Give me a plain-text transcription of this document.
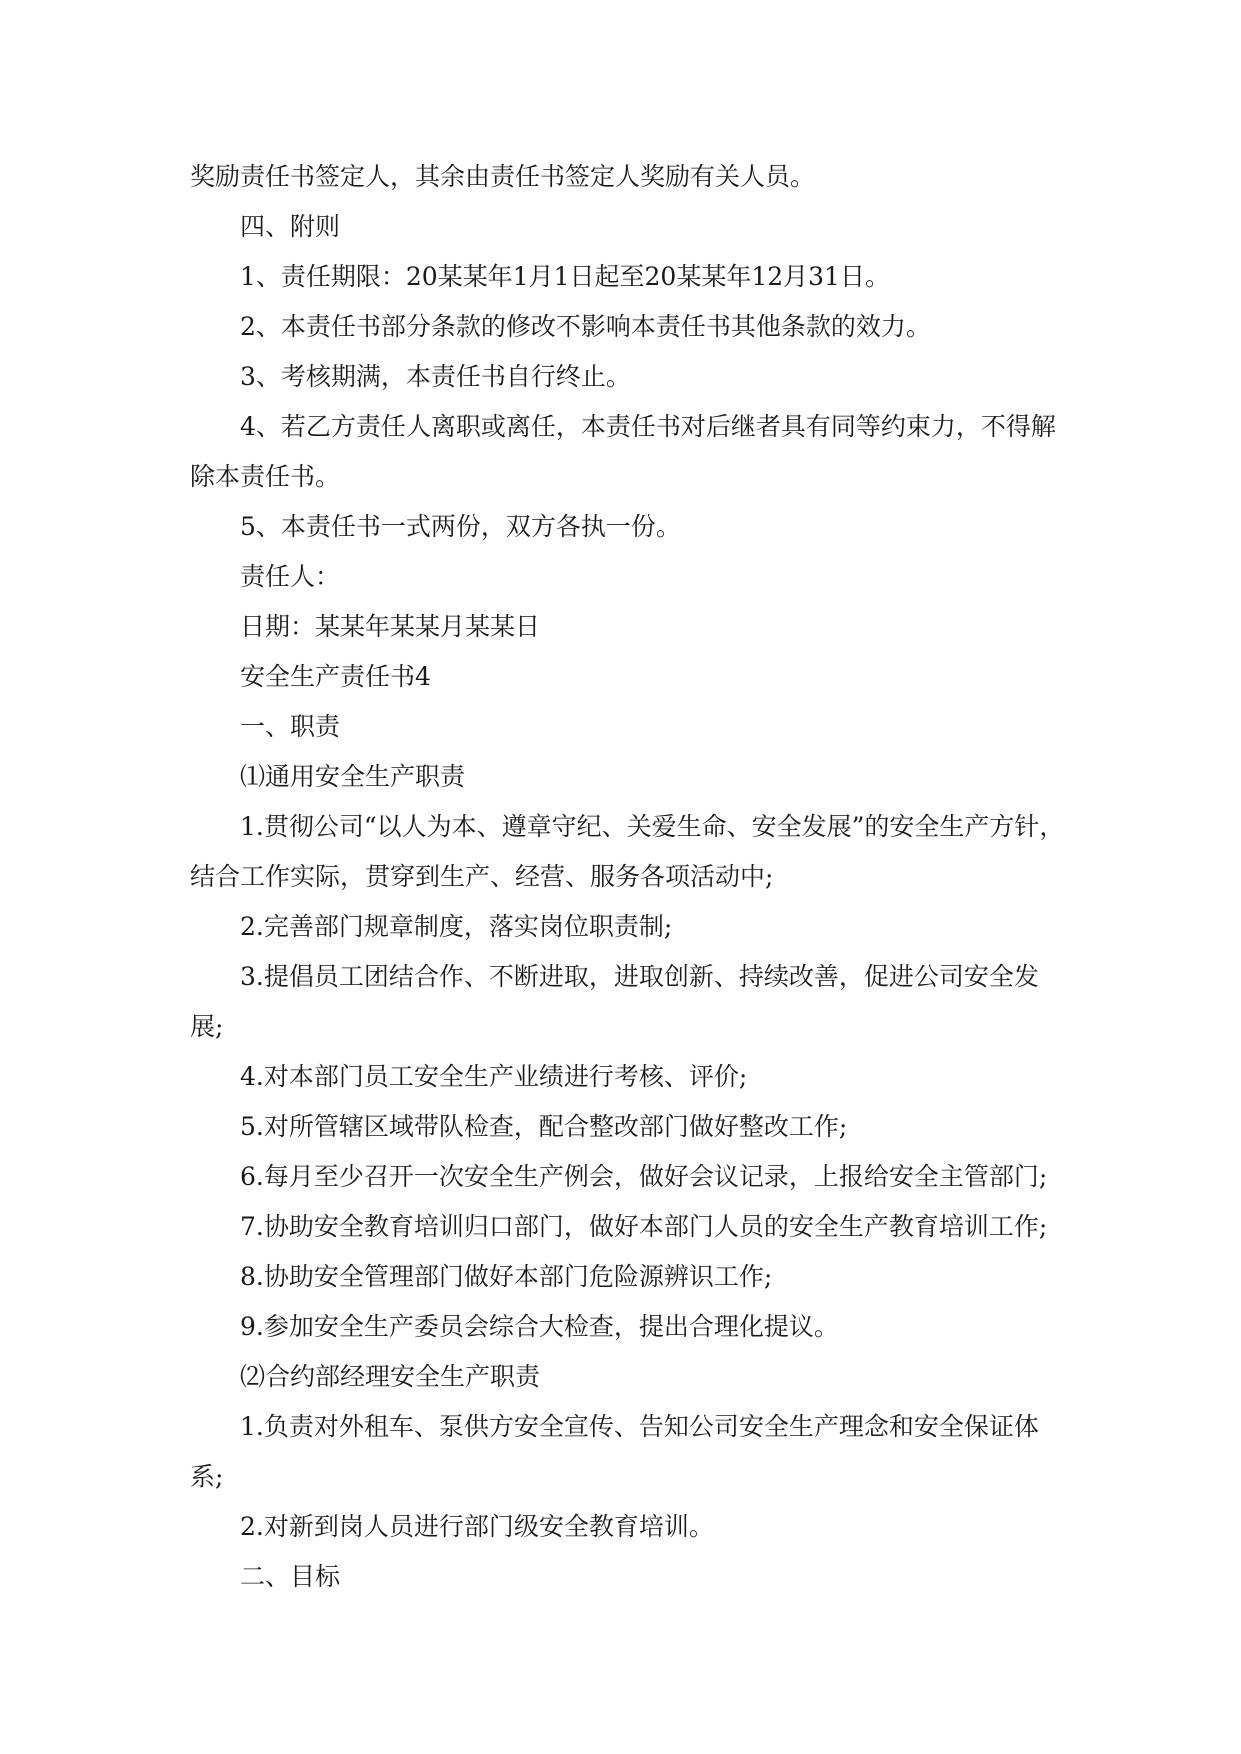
奖励责任书签定人，其余由责任书签定人奖励有关人员。

四、附则

1、责任期限：20某某年1月1日起至20某某年12月31日。

2、本责任书部分条款的修改不影响本责任书其他条款的效力。

3、考核期满，本责任书自行终止。

4、若乙方责任人离职或离任，本责任书对后继者具有同等约束力，不得解除本责任书。

5、本责任书一式两份，双方各执一份。

责任人：

日期：某某年某某月某某日

安全生产责任书4

一、职责

⑴通用安全生产职责

1.贯彻公司“以人为本、遵章守纪、关爱生命、安全发展”的安全生产方针，结合工作实际，贯穿到生产、经营、服务各项活动中;

2.完善部门规章制度，落实岗位职责制;

3.提倡员工团结合作、不断进取，进取创新、持续改善，促进公司安全发展;

4.对本部门员工安全生产业绩进行考核、评价;

5.对所管辖区域带队检查，配合整改部门做好整改工作;

6.每月至少召开一次安全生产例会，做好会议记录，上报给安全主管部门;

7.协助安全教育培训归口部门，做好本部门人员的安全生产教育培训工作;

8.协助安全管理部门做好本部门危险源辨识工作;

9.参加安全生产委员会综合大检查，提出合理化提议。

⑵合约部经理安全生产职责

1.负责对外租车、泵供方安全宣传、告知公司安全生产理念和安全保证体系;

2.对新到岗人员进行部门级安全教育培训。

二、目标
